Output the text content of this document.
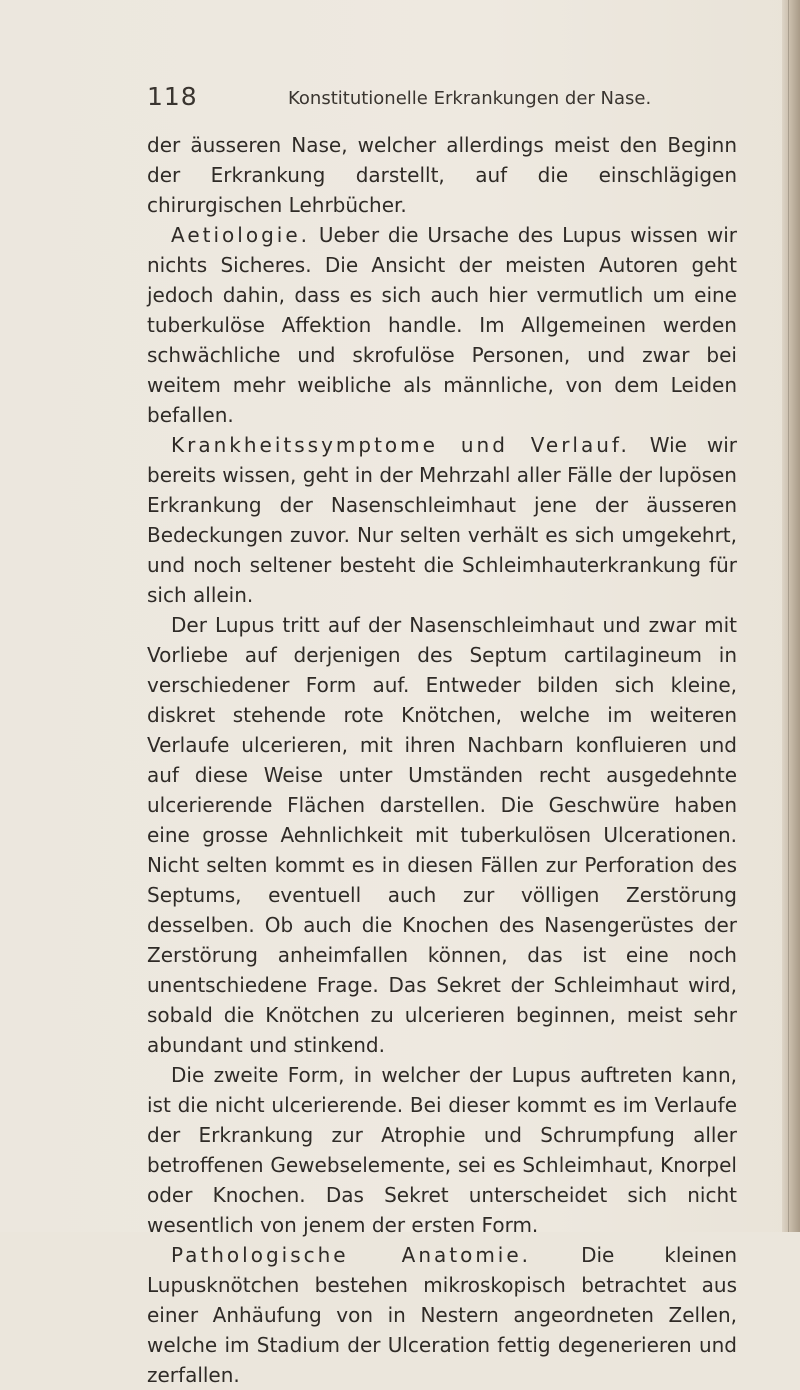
118	Konstitutionelle Erkrankungen der Nase.

der äusseren Nase, welcher allerdings meist den Beginn der Erkrankung darstellt, auf die einschlägigen chirurgischen Lehrbücher.

Aetiologie. Ueber die Ursache des Lupus wissen wir nichts Sicheres. Die Ansicht der meisten Autoren geht jedoch dahin, dass es sich auch hier vermutlich um eine tuberkulöse Affektion handle. Im Allgemeinen werden schwächliche und skrofulöse Personen, und zwar bei weitem mehr weibliche als männliche, von dem Leiden befallen.

Krankheitssymptome und Verlauf. Wie wir bereits wissen, geht in der Mehrzahl aller Fälle der lupösen Erkrankung der Nasenschleimhaut jene der äusseren Bedeckungen zuvor. Nur selten verhält es sich umgekehrt, und noch seltener besteht die Schleimhauterkrankung für sich allein.

Der Lupus tritt auf der Nasenschleimhaut und zwar mit Vorliebe auf derjenigen des Septum cartilagineum in verschiedener Form auf. Entweder bilden sich kleine, diskret stehende rote Knötchen, welche im weiteren Verlaufe ulcerieren, mit ihren Nachbarn konfluieren und auf diese Weise unter Umständen recht ausgedehnte ulcerierende Flächen darstellen. Die Geschwüre haben eine grosse Aehnlichkeit mit tuberkulösen Ulcerationen. Nicht selten kommt es in diesen Fällen zur Perforation des Septums, eventuell auch zur völligen Zerstörung desselben. Ob auch die Knochen des Nasengerüstes der Zerstörung anheimfallen können, das ist eine noch unentschiedene Frage. Das Sekret der Schleimhaut wird, sobald die Knötchen zu ulcerieren beginnen, meist sehr abundant und stinkend.

Die zweite Form, in welcher der Lupus auftreten kann, ist die nicht ulcerierende. Bei dieser kommt es im Verlaufe der Erkrankung zur Atrophie und Schrumpfung aller betroffenen Gewebselemente, sei es Schleimhaut, Knorpel oder Knochen. Das Sekret unterscheidet sich nicht wesentlich von jenem der ersten Form.

Pathologische Anatomie.	Die kleinen Lupusknötchen bestehen mikroskopisch betrachtet aus einer Anhäufung von in Nestern angeordneten Zellen, welche im Stadium der Ulceration fettig degenerieren und zerfallen.
